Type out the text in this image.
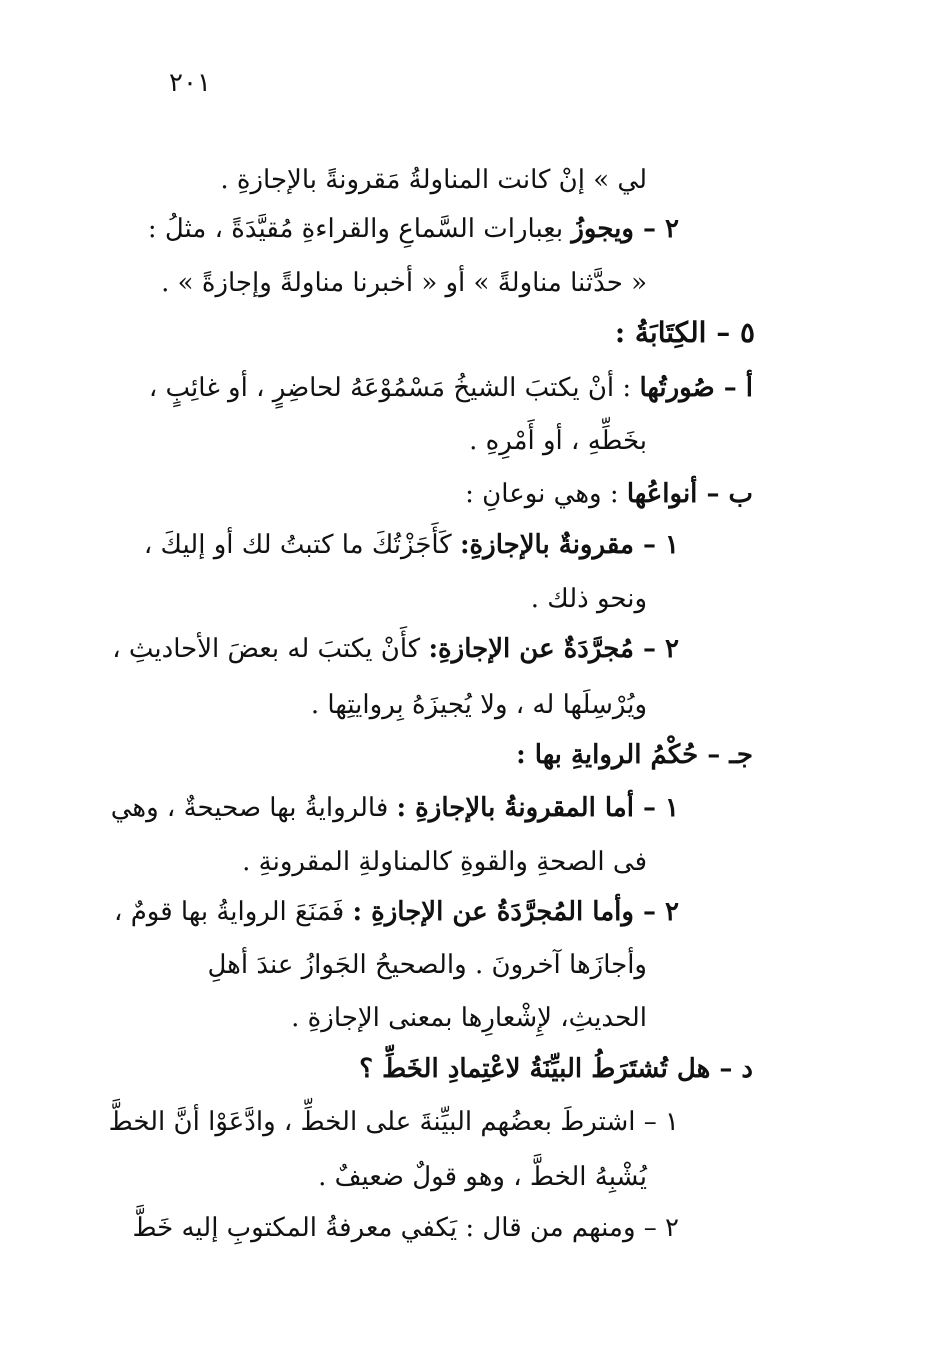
٢٠١
لي » إنْ كانت المناولةُ مَقرونةً بالإجازةِ .
٢ – ويجوزُ بعِبارات السَّماعِ والقراءةِ مُقيَّدَةً ، مثلُ :
« حدَّثنا مناولةً » أو « أخبرنا مناولةً وإجازةً » .
٥ – الكِتَابَةُ :
أ – صُورتُها : أنْ يكتبَ الشيخُ مَسْمُوْعَهُ لحاضِرٍ ، أو غائِبٍ ،
بخَطِّهِ ، أو أَمْرِهِ .
ب – أنواعُها : وهي نوعانِ :
١ – مقرونةٌ بالإجازةِ: كَأَجَزْتُكَ ما كتبتُ لك أو إليكَ ،
ونحو ذلك .
٢ – مُجرَّدَةٌ عن الإجازةِ: كأَنْ يكتبَ له بعضَ الأحاديثِ ،
ويُرْسِلَها له ، ولا يُجيزَهُ بِروايتِها .
جـ – حُكْمُ الروايةِ بها :
١ – أما المقرونةُ بالإجازةِ : فالروايةُ بها صحيحةٌ ، وهي
فى الصحةِ والقوةِ كالمناولةِ المقرونةِ .
٢ – وأما المُجرَّدَةُ عن الإجازةِ : فَمَنَعَ الروايةُ بها قومٌ ،
وأجازَها آخرونَ . والصحيحُ الجَوازُ عندَ أهلِ
الحديثِ، لإِشْعارِها بمعنى الإجازةِ .
د – هل تُشتَرَطُ البيِّنَةُ لاعْتِمادِ الخَطِّ ؟
١ – اشترطَ بعضُهم البيِّنةَ على الخطِّ ، وادَّعَوْا أنَّ الخطَّ
يُشْبِهُ الخطَّ ، وهو قولٌ ضعيفٌ .
٢ – ومنهم من قال : يَكفي معرفةُ المكتوبِ إليه خَطَّ
